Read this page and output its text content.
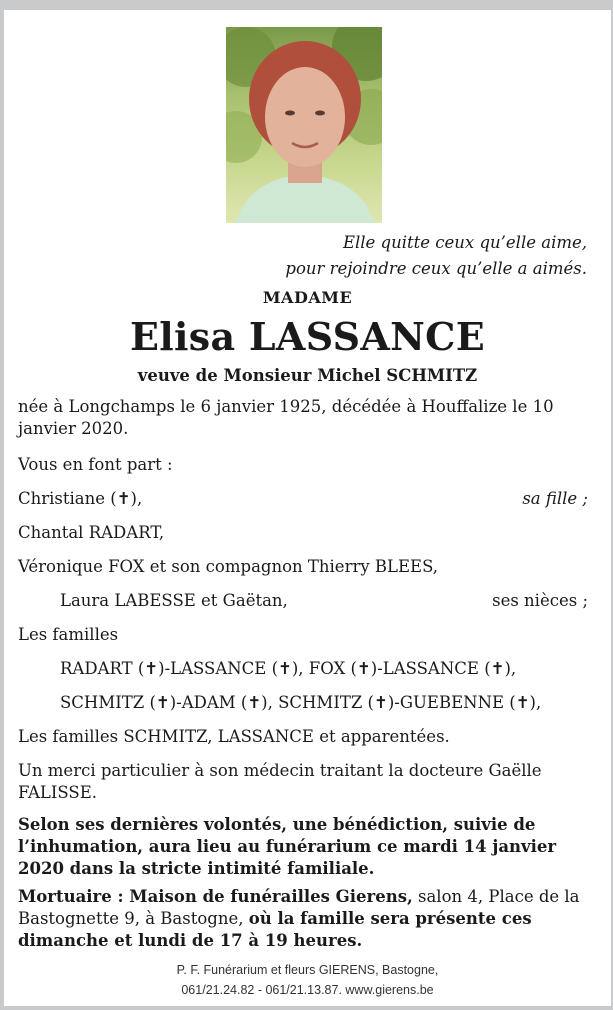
Elle quitte ceux qu’elle aime,
pour rejoindre ceux qu’elle a aimés.
MADAME
Elisa LASSANCE
veuve de Monsieur Michel SCHMITZ
née à Longchamps le 6 janvier 1925, décédée à Houffalize le 10 janvier 2020.
Vous en font part :
Christiane (✝),	sa fille ;
Chantal RADART,
Véronique FOX et son compagnon Thierry BLEES,
Laura LABESSE et Gaëtan,	ses nièces ;
Les familles
RADART (✝)-LASSANCE (✝), FOX (✝)-LASSANCE (✝),
SCHMITZ (✝)-ADAM (✝), SCHMITZ (✝)-GUEBENNE (✝),
Les familles SCHMITZ, LASSANCE et apparentées.
Un merci particulier à son médecin traitant la docteure Gaëlle FALISSE.
Selon ses dernières volontés, une bénédiction, suivie de l’inhumation, aura lieu au funérarium ce mardi 14 janvier 2020 dans la stricte intimité familiale.
Mortuaire : Maison de funérailles Gierens, salon 4, Place de la Bastognette 9, à Bastogne, où la famille sera présente ces dimanche et lundi de 17 à 19 heures.
P. F. Funérarium et fleurs GIERENS, Bastogne,
061/21.24.82 - 061/21.13.87. www.gierens.be
